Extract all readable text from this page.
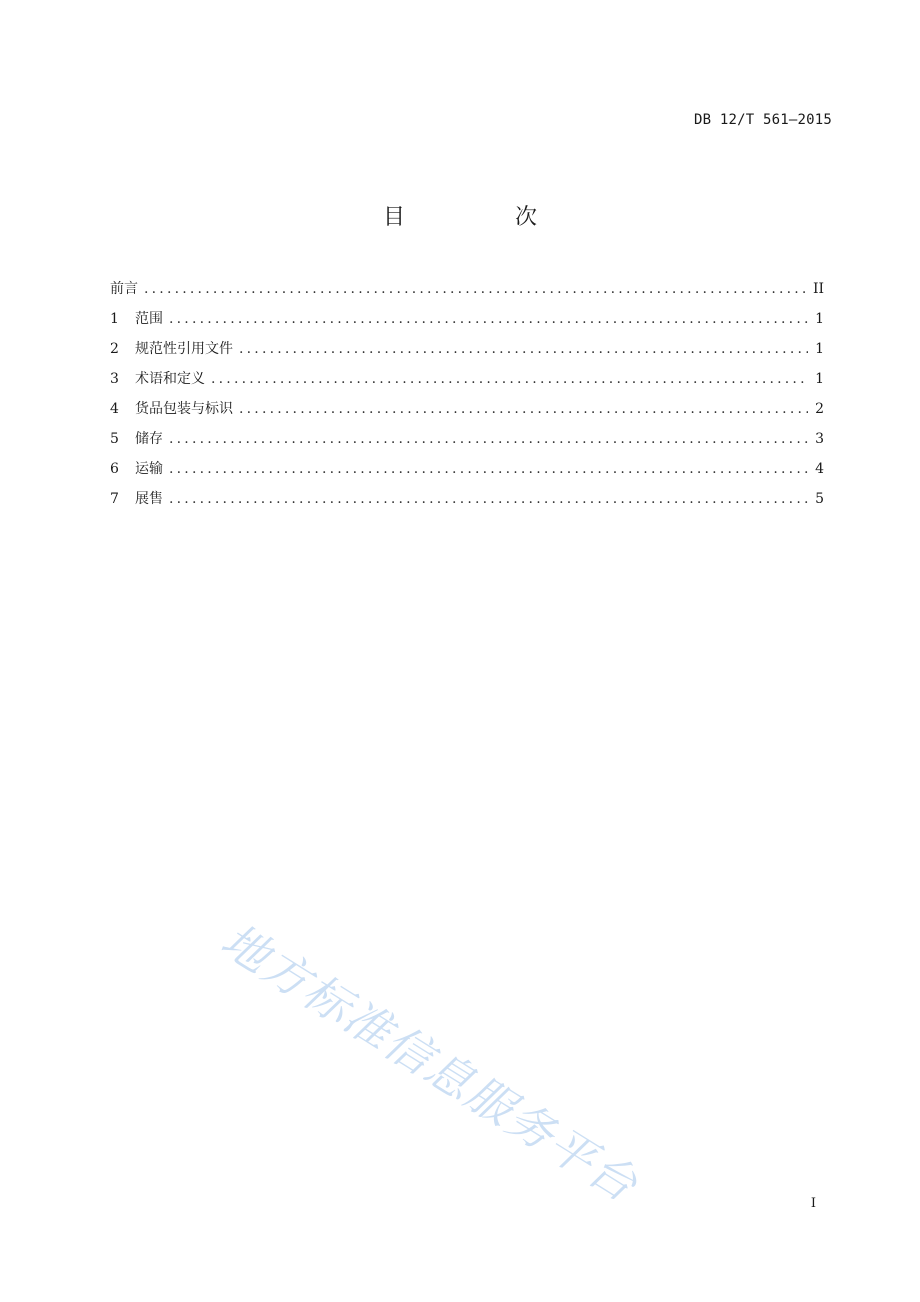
DB 12/T 561—2015
目　次
前言 .....	II
1	范围 .....	1
2	规范性引用文件 .....	1
3	术语和定义 .....	1
4	货品包装与标识 .....	2
5	储存 .....	3
6	运输 .....	4
7	展售 .....	5
地方标准信息服务平台	I
